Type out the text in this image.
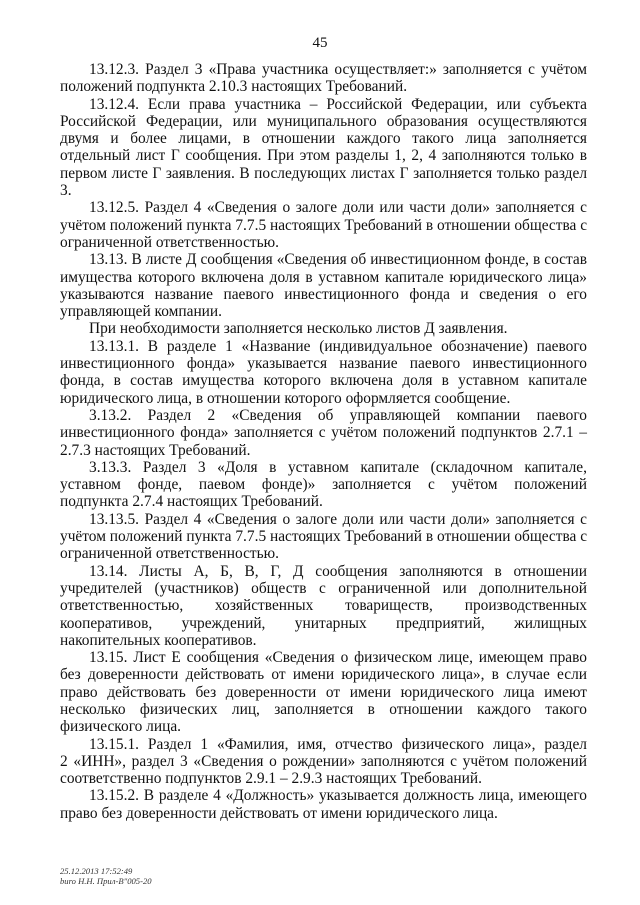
45
13.12.3. Раздел 3 «Права участника осуществляет:» заполняется с учётом
положений подпункта 2.10.3 настоящих Требований.
13.12.4. Если права участника – Российской Федерации, или субъекта
Российской Федерации, или муниципального образования осуществляются
двумя и более лицами, в отношении каждого такого лица заполняется
отдельный лист Г сообщения. При этом разделы 1, 2, 4 заполняются только в
первом листе Г заявления. В последующих листах Г заполняется только раздел
3.
13.12.5. Раздел 4 «Сведения о залоге доли или части доли» заполняется с
учётом положений пункта 7.7.5 настоящих Требований в отношении общества с
ограниченной ответственностью.
13.13. В листе Д сообщения «Сведения об инвестиционном фонде, в состав
имущества которого включена доля в уставном капитале юридического лица»
указываются название паевого инвестиционного фонда и сведения о его
управляющей компании.
При необходимости заполняется несколько листов Д заявления.
13.13.1. В разделе 1 «Название (индивидуальное обозначение) паевого
инвестиционного фонда» указывается название паевого инвестиционного
фонда, в состав имущества которого включена доля в уставном капитале
юридического лица, в отношении которого оформляется сообщение.
3.13.2. Раздел 2 «Сведения об управляющей компании паевого
инвестиционного фонда» заполняется с учётом положений подпунктов 2.7.1 –
2.7.3 настоящих Требований.
3.13.3. Раздел 3 «Доля в уставном капитале (складочном капитале,
уставном фонде, паевом фонде)» заполняется с учётом положений
подпункта 2.7.4 настоящих Требований.
13.13.5. Раздел 4 «Сведения о залоге доли или части доли» заполняется с
учётом положений пункта 7.7.5 настоящих Требований в отношении общества с
ограниченной ответственностью.
13.14. Листы А, Б, В, Г, Д сообщения заполняются в отношении
учредителей (участников) обществ с ограниченной или дополнительной
ответственностью, хозяйственных товариществ, производственных
кооперативов, учреждений, унитарных предприятий, жилищных
накопительных кооперативов.
13.15. Лист Е сообщения «Сведения о физическом лице, имеющем право
без доверенности действовать от имени юридического лица», в случае если
право действовать без доверенности от имени юридического лица имеют
несколько физических лиц, заполняется в отношении каждого такого
физического лица.
13.15.1. Раздел 1 «Фамилия, имя, отчество физического лица», раздел
2 «ИНН», раздел 3 «Сведения о рождении» заполняются с учётом положений
соответственно подпунктов 2.9.1 – 2.9.3 настоящих Требований.
13.15.2. В разделе 4 «Должность» указывается должность лица, имеющего
право без доверенности действовать от имени юридического лица.
25.12.2013 17:52:49
buro Н.Н. Прил-В"005-20
